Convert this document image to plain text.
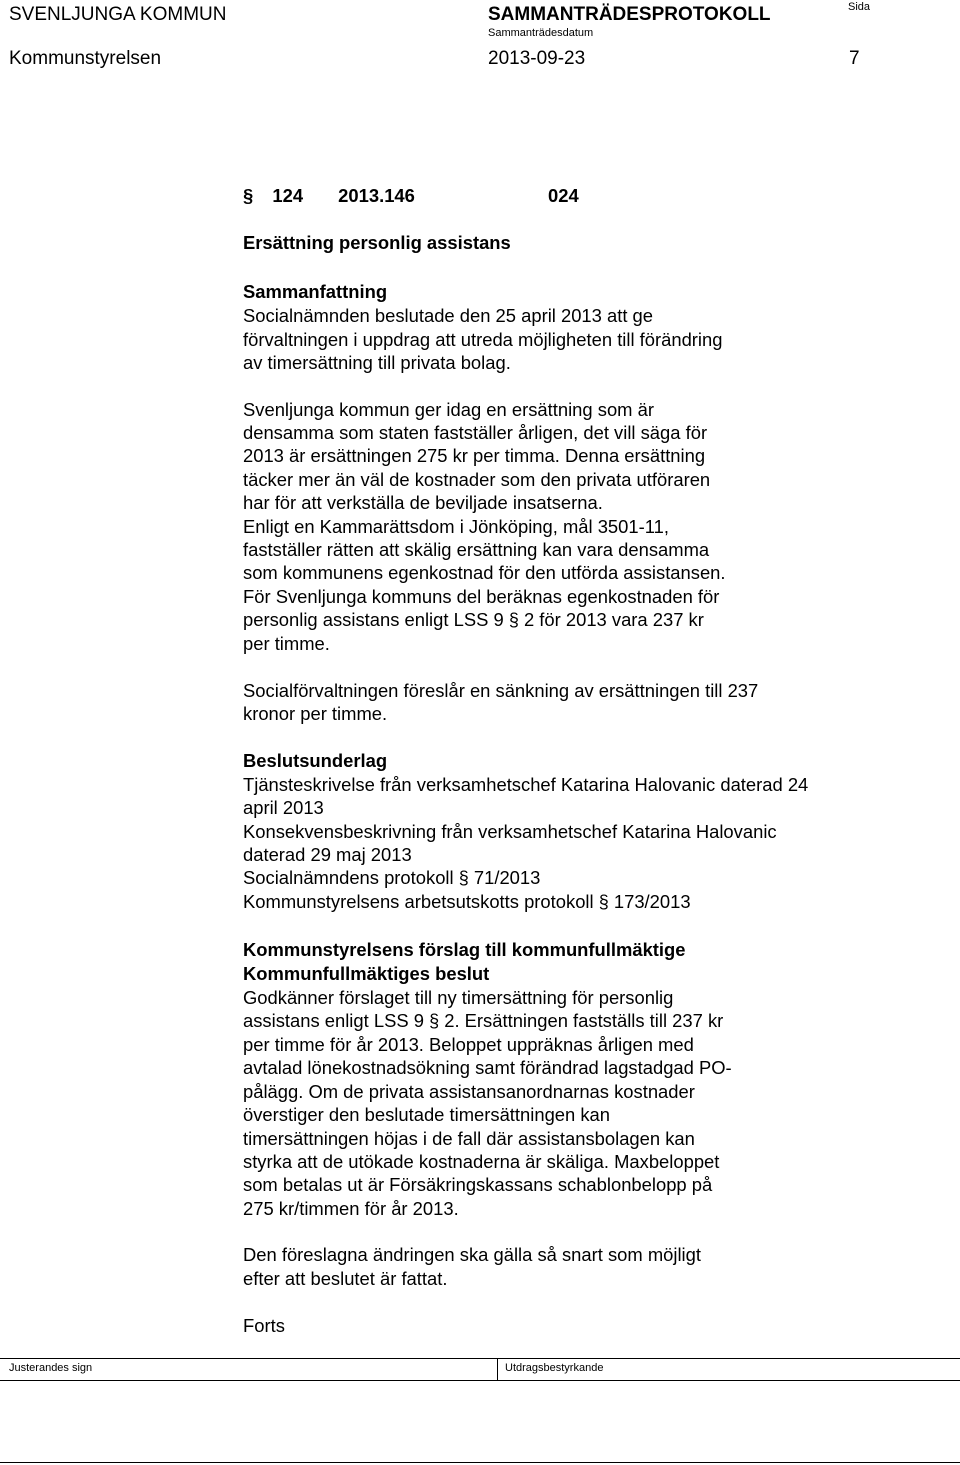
SVENLJUNGA KOMMUN	SAMMANTRÄDESPROTOKOLL
Sammanträdesdatum
Sida
Kommunstyrelsen	2013-09-23	7
§ 124 2013.146	024
Ersättning personlig assistans
Sammanfattning
Socialnämnden beslutade den 25 april 2013 att ge
förvaltningen i uppdrag att utreda möjligheten till förändring
av timersättning till privata bolag.
Svenljunga kommun ger idag en ersättning som är
densamma som staten fastställer årligen, det vill säga för
2013 är ersättningen 275 kr per timma. Denna ersättning
täcker mer än väl de kostnader som den privata utföraren
har för att verkställa de beviljade insatserna.
Enligt en Kammarättsdom i Jönköping, mål 3501-11,
fastställer rätten att skälig ersättning kan vara densamma
som kommunens egenkostnad för den utförda assistansen.
För Svenljunga kommuns del beräknas egenkostnaden för
personlig assistans enligt LSS 9 § 2 för 2013 vara 237 kr
per timme.
Socialförvaltningen föreslår en sänkning av ersättningen till 237
kronor per timme.
Beslutsunderlag
Tjänsteskrivelse från verksamhetschef Katarina Halovanic daterad 24
april 2013
Konsekvensbeskrivning från verksamhetschef Katarina Halovanic
daterad 29 maj 2013
Socialnämndens protokoll § 71/2013
Kommunstyrelsens arbetsutskotts protokoll § 173/2013
Kommunstyrelsens förslag till kommunfullmäktige
Kommunfullmäktiges beslut
Godkänner förslaget till ny timersättning för personlig
assistans enligt LSS 9 § 2. Ersättningen fastställs till 237 kr
per timme för år 2013. Beloppet uppräknas årligen med
avtalad lönekostnadsökning samt förändrad lagstadgad PO-
pålägg. Om de privata assistansanordnarnas kostnader
överstiger den beslutade timersättningen kan
timersättningen höjas i de fall där assistansbolagen kan
styrka att de utökade kostnaderna är skäliga. Maxbeloppet
som betalas ut är Försäkringskassans schablonbelopp på
275 kr/timmen för år 2013.
Den föreslagna ändringen ska gälla så snart som möjligt
efter att beslutet är fattat.
Forts
Justerandes sign	Utdragsbestyrkande
